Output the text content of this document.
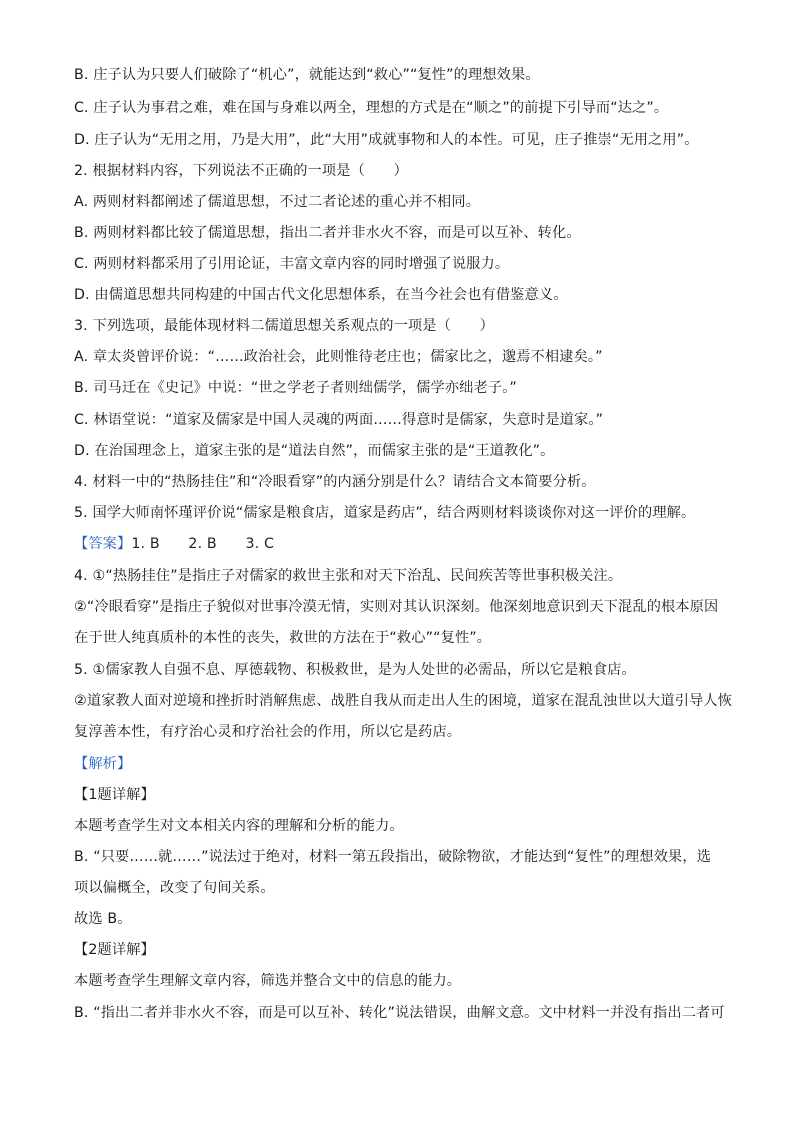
B. 庄子认为只要人们破除了“机心”，就能达到“救心”“复性”的理想效果。
C. 庄子认为事君之难，难在国与身难以两全，理想的方式是在“顺之”的前提下引导而“达之”。
D. 庄子认为“无用之用，乃是大用”，此“大用”成就事物和人的本性。可见，庄子推崇“无用之用”。
2. 根据材料内容，下列说法不正确的一项是（　　）
A. 两则材料都阐述了儒道思想，不过二者论述的重心并不相同。
B. 两则材料都比较了儒道思想，指出二者并非水火不容，而是可以互补、转化。
C. 两则材料都采用了引用论证，丰富文章内容的同时增强了说服力。
D. 由儒道思想共同构建的中国古代文化思想体系，在当今社会也有借鉴意义。
3. 下列选项，最能体现材料二儒道思想关系观点的一项是（　　）
A. 章太炎曾评价说：“……政治社会，此则惟待老庄也；儒家比之，邈焉不相逮矣。”
B. 司马迁在《史记》中说：“世之学老子者则绌儒学，儒学亦绌老子。”
C. 林语堂说：“道家及儒家是中国人灵魂的两面……得意时是儒家，失意时是道家。”
D. 在治国理念上，道家主张的是“道法自然”，而儒家主张的是“王道教化”。
4. 材料一中的“热肠挂住”和“冷眼看穿”的内涵分别是什么？请结合文本简要分析。
5. 国学大师南怀瑾评价说“儒家是粮食店，道家是药店”，结合两则材料谈谈你对这一评价的理解。
【答案】1. B　　2. B　　3. C
4. ①“热肠挂住”是指庄子对儒家的救世主张和对天下治乱、民间疾苦等世事积极关注。
②“冷眼看穿”是指庄子貌似对世事冷漠无情，实则对其认识深刻。他深刻地意识到天下混乱的根本原因
在于世人纯真质朴的本性的丧失，救世的方法在于“救心”“复性”。
5. ①儒家教人自强不息、厚德载物、积极救世，是为人处世的必需品，所以它是粮食店。
②道家教人面对逆境和挫折时消解焦虑、战胜自我从而走出人生的困境，道家在混乱浊世以大道引导人恢
复淳善本性，有疗治心灵和疗治社会的作用，所以它是药店。
【解析】
【1题详解】
本题考查学生对文本相关内容的理解和分析的能力。
B. “只要……就……”说法过于绝对，材料一第五段指出，破除物欲，才能达到“复性”的理想效果，选
项以偏概全，改变了句间关系。
故选 B。
【2题详解】
本题考查学生理解文章内容，筛选并整合文中的信息的能力。
B. “指出二者并非水火不容，而是可以互补、转化”说法错误，曲解文意。文中材料一并没有指出二者可
